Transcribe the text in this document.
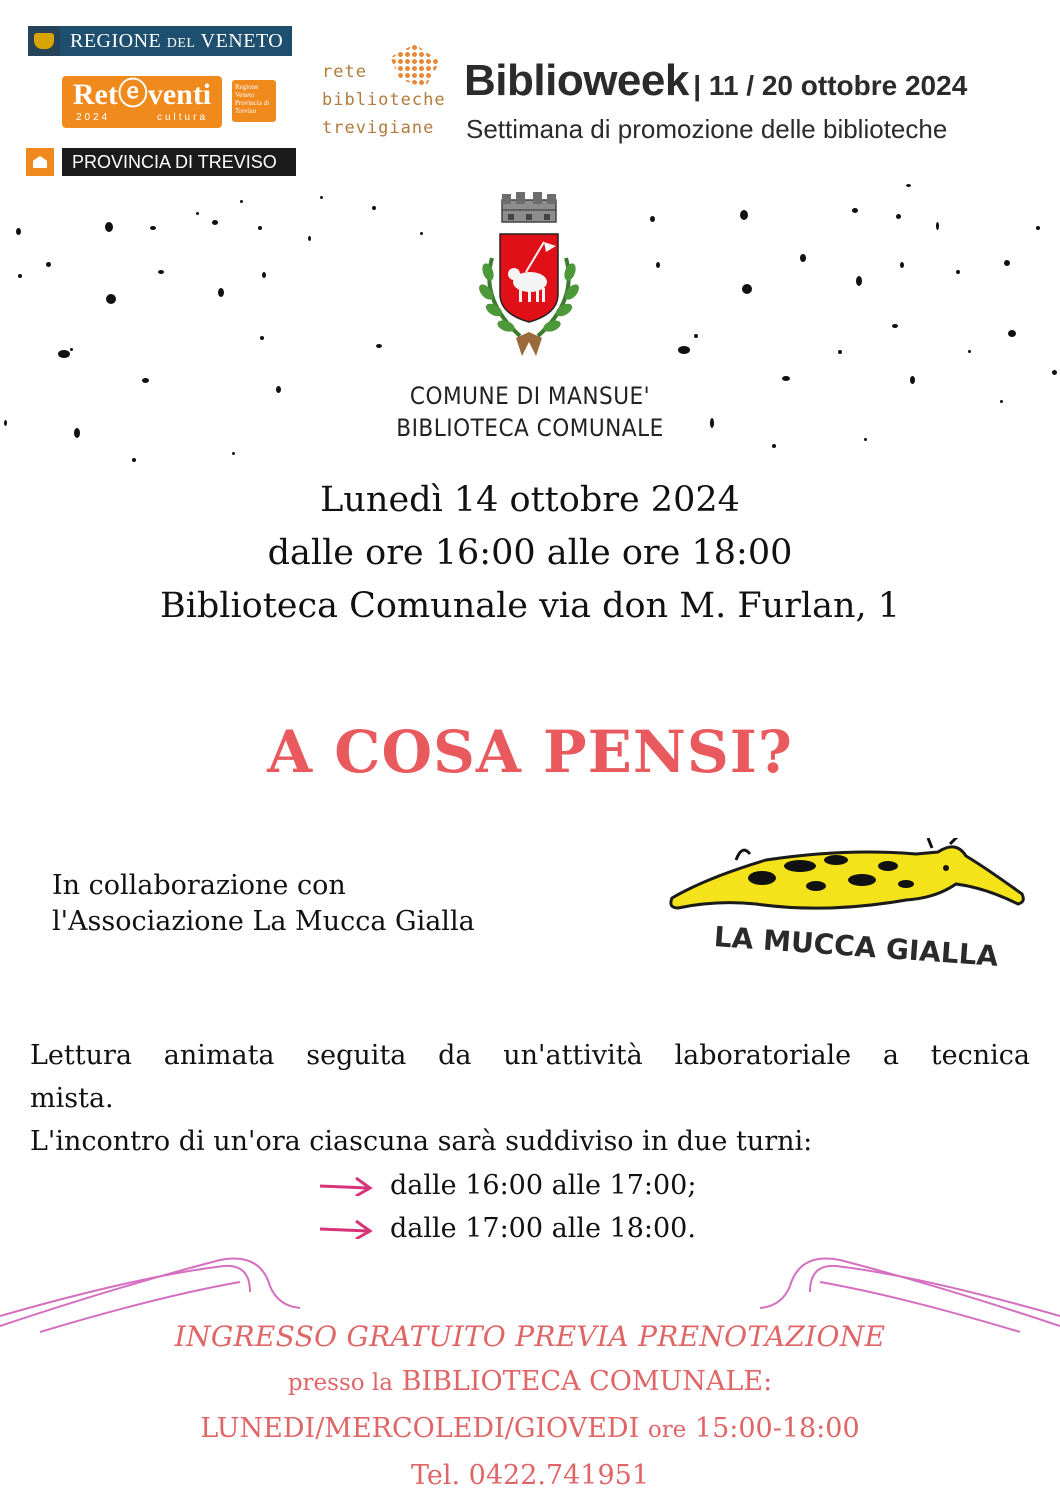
REGIONE DEL VENETO
Retⓔventi
2024	cultura
Regione Veneto Provincia di Treviso
PROVINCIA DI TREVISO
rete
biblioteche
trevigiane
Biblioweek | 11 / 20 ottobre 2024
Settimana di promozione delle biblioteche
COMUNE DI MANSUE'
BIBLIOTECA COMUNALE
Lunedì 14 ottobre 2024
dalle ore 16:00 alle ore 18:00
Biblioteca Comunale via don M. Furlan, 1
A COSA PENSI?
In collaborazione con
l'Associazione La Mucca Gialla	LA MUCCA GIALLA
Lettura animata seguita da un'attività laboratoriale a tecnica
mista.
L'incontro di un'ora ciascuna sarà suddiviso in due turni:
dalle 16:00 alle 17:00;
dalle 17:00 alle 18:00.
INGRESSO GRATUITO PREVIA PRENOTAZIONE
presso la BIBLIOTECA COMUNALE:
LUNEDI/MERCOLEDI/GIOVEDI ore 15:00-18:00
Tel. 0422.741951
